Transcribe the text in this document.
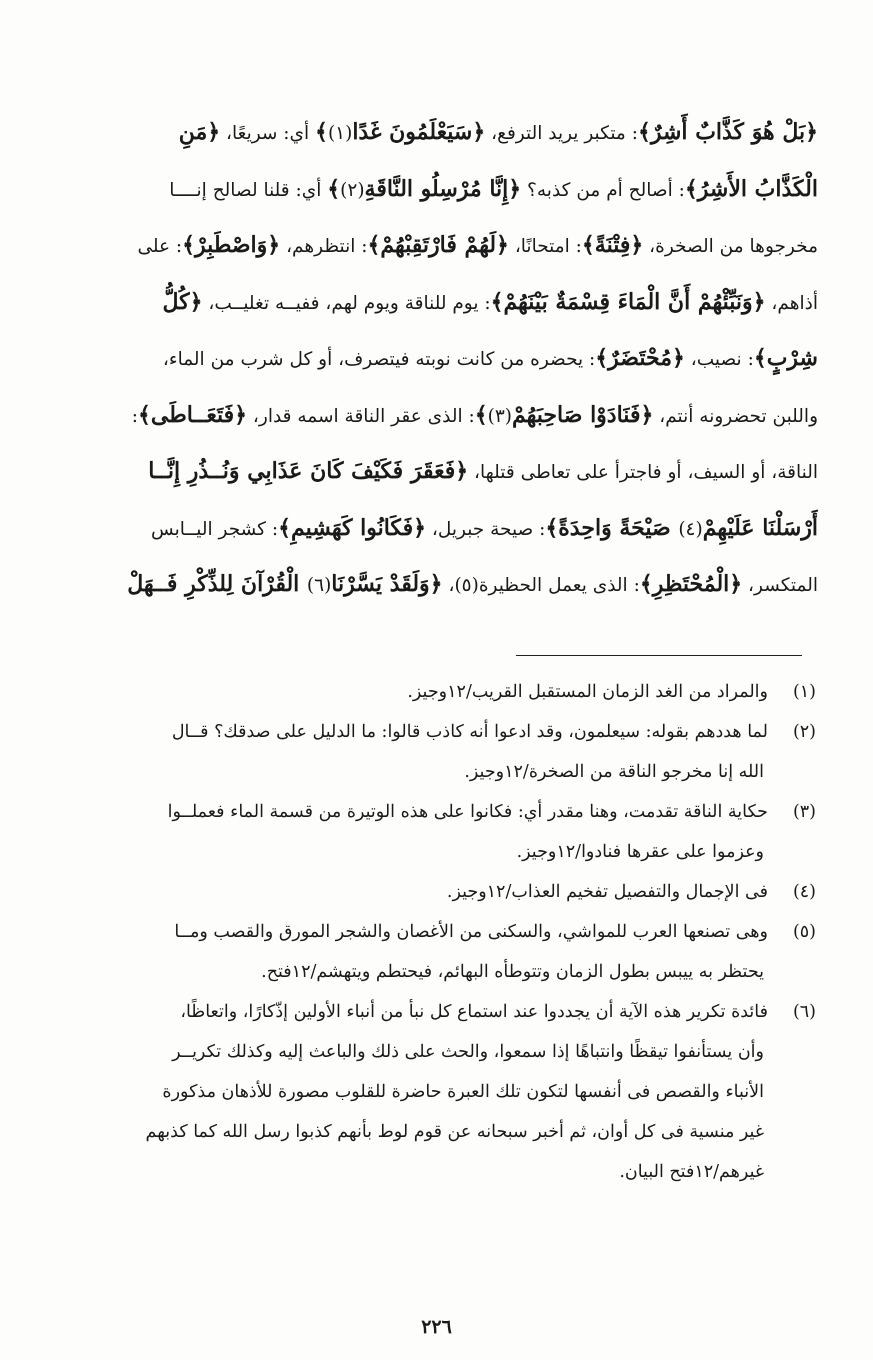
﴿بَلْ هُوَ كَذَّابٌ أَشِرٌ﴾: متكبر يريد الترفع، ﴿سَيَعْلَمُونَ غَدًا(١)﴾ أي: سريعًا، ﴿مَنِ
الْكَذَّابُ الأَشِرُ﴾: أصالح أم من كذبه؟ ﴿إِنَّا مُرْسِلُو النَّاقَةِ(٢)﴾ أي: قلنا لصالح إنــــا
مخرجوها من الصخرة، ﴿فِتْنَةً﴾: امتحانًا، ﴿لَهُمْ فَارْتَقِبْهُمْ﴾: انتظرهم، ﴿وَاصْطَبِرْ﴾: على
أذاهم، ﴿وَنَبِّئْهُمْ أَنَّ الْمَاءَ قِسْمَةٌ بَيْنَهُمْ﴾: يوم للناقة ويوم لهم، ففيــه تغليــب، ﴿كُلُّ
شِرْبٍ﴾: نصيب، ﴿مُحْتَضَرٌ﴾: يحضره من كانت نوبته فيتصرف، أو كل شرب من الماء،
واللبن تحضرونه أنتم، ﴿فَنَادَوْا صَاحِبَهُمْ(٣)﴾: الذى عقر الناقة اسمه قدار، ﴿فَتَعَــاطَى﴾:
الناقة، أو السيف، أو فاجترأ على تعاطى قتلها، ﴿فَعَقَرَ فَكَيْفَ كَانَ عَذَابِي وَنُــذُرِ إِنَّــا
أَرْسَلْنَا عَلَيْهِمْ(٤) صَيْحَةً وَاحِدَةً﴾: صيحة جبريل، ﴿فَكَانُوا كَهَشِيمِ﴾: كشجر اليــابس
المتكسر، ﴿الْمُحْتَظِرِ﴾: الذى يعمل الحظيرة(٥)، ﴿وَلَقَدْ يَسَّرْنَا(٦) الْقُرْآنَ لِلذِّكْرِ فَــهَلْ
(١)والمراد من الغد الزمان المستقبل القريب/١٢وجيز.
(٢)لما هددهم بقوله: سيعلمون، وقد ادعوا أنه كاذب قالوا: ما الدليل على صدقك؟ قــال
الله إنا مخرجو الناقة من الصخرة/١٢وجيز.
(٣)حكاية الناقة تقدمت، وهنا مقدر أي: فكانوا على هذه الوتيرة من قسمة الماء فعملــوا
وعزموا على عقرها فنادوا/١٢وجيز.
(٤)فى الإجمال والتفصيل تفخيم العذاب/١٢وجيز.
(٥)وهى تصنعها العرب للمواشي، والسكنى من الأغصان والشجر المورق والقصب ومــا
يحتظر به ييبس بطول الزمان وتتوطأه البهائم، فيحتطم ويتهشم/١٢فتح.
(٦)فائدة تكرير هذه الآية أن يجددوا عند استماع كل نبأ من أنباء الأولين إذّكارًا، واتعاظًا،
وأن يستأنفوا تيقظًا وانتباهًا إذا سمعوا، والحث على ذلك والباعث إليه وكذلك تكريــر
الأنباء والقصص فى أنفسها لتكون تلك العبرة حاضرة للقلوب مصورة للأذهان مذكورة
غير منسية فى كل أوان، ثم أخبر سبحانه عن قوم لوط بأنهم كذبوا رسل الله كما كذبهم
غيرهم/١٢فتح البيان.
٢٢٦
